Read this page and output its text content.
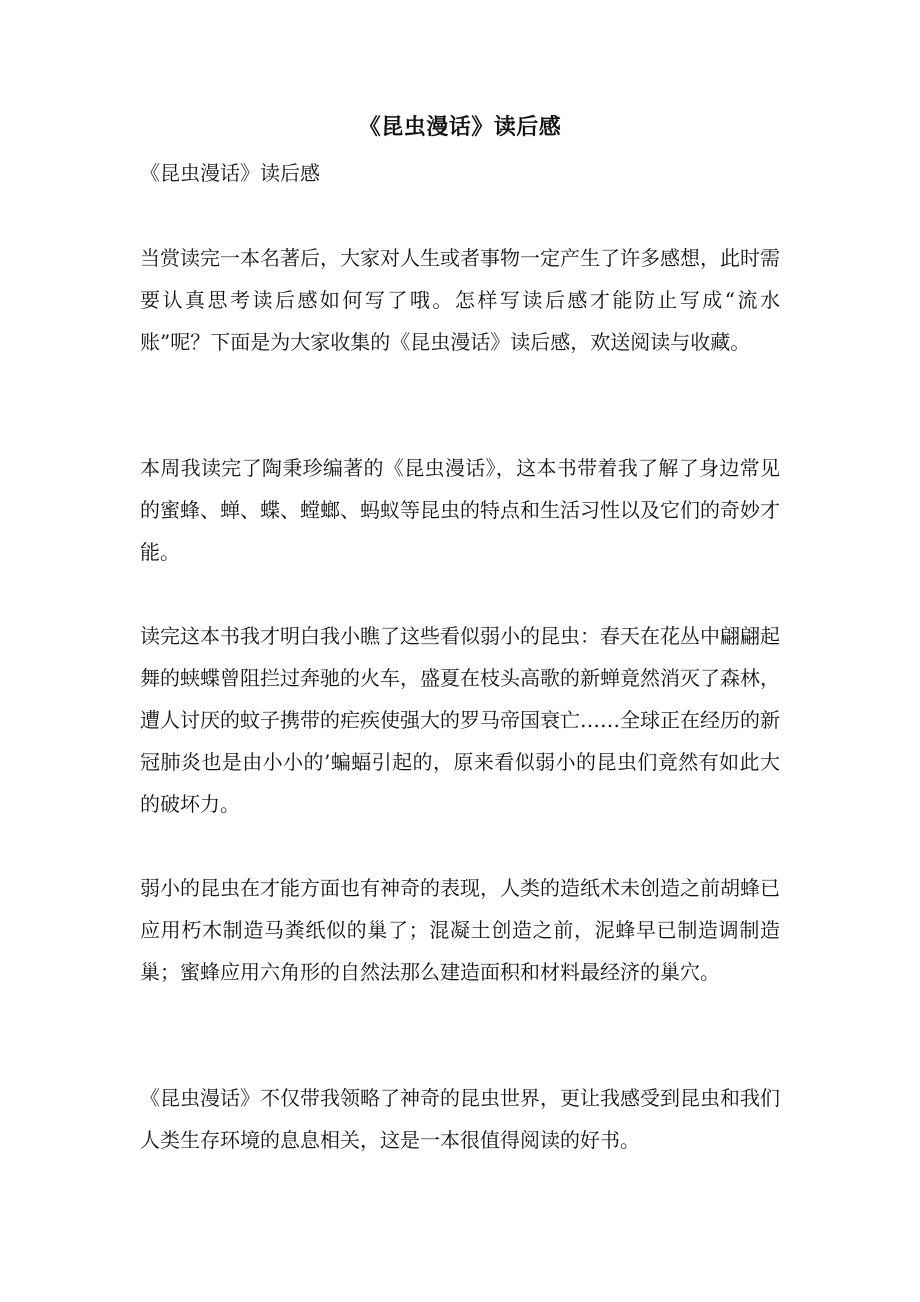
《昆虫漫话》读后感
《昆虫漫话》读后感

当赏读完一本名著后，大家对人生或者事物一定产生了许多感想，此时需要认真思考读后感如何写了哦。怎样写读后感才能防止写成“流水账”呢？下面是为大家收集的《昆虫漫话》读后感，欢送阅读与收藏。

本周我读完了陶秉珍编著的《昆虫漫话》，这本书带着我了解了身边常见的蜜蜂、蝉、蝶、螳螂、蚂蚁等昆虫的特点和生活习性以及它们的奇妙才能。

读完这本书我才明白我小瞧了这些看似弱小的昆虫：春天在花丛中翩翩起舞的蛱蝶曾阻拦过奔驰的火车，盛夏在枝头高歌的新蝉竟然消灭了森林，遭人讨厌的蚊子携带的疟疾使强大的罗马帝国衰亡……全球正在经历的新冠肺炎也是由小小的’蝙蝠引起的，原来看似弱小的昆虫们竟然有如此大的破坏力。

弱小的昆虫在才能方面也有神奇的表现，人类的造纸术未创造之前胡蜂已应用朽木制造马粪纸似的巢了；混凝土创造之前，泥蜂早已制造调制造巢；蜜蜂应用六角形的自然法那么建造面积和材料最经济的巢穴。

《昆虫漫话》不仅带我领略了神奇的昆虫世界，更让我感受到昆虫和我们人类生存环境的息息相关，这是一本很值得阅读的好书。
